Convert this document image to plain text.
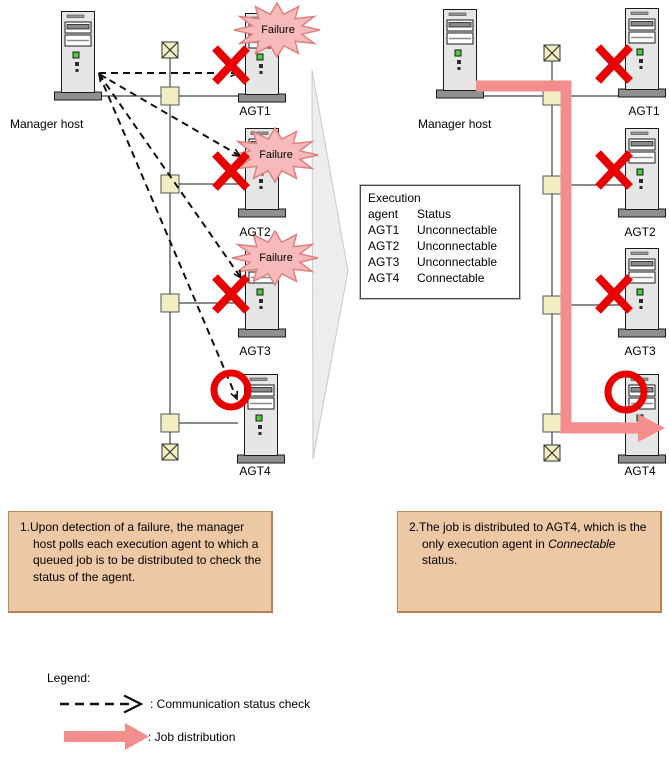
Manager host	Manager host
Failure
Failure
Failure
AGT1
AGT2
AGT3
AGT4
AGT1
AGT2
AGT3
AGT4
Execution
agent Status
AGT1 Unconnectable
AGT2 Unconnectable
AGT3 Unconnectable
AGT4 Connectable

1.Upon detection of a failure, the manager host polls each execution agent to which a queued job is to be distributed to check the status of the agent.

2.The job is distributed to AGT4, which is the only execution agent in Connectable status.

Legend:
: Communication status check
: Job distribution
